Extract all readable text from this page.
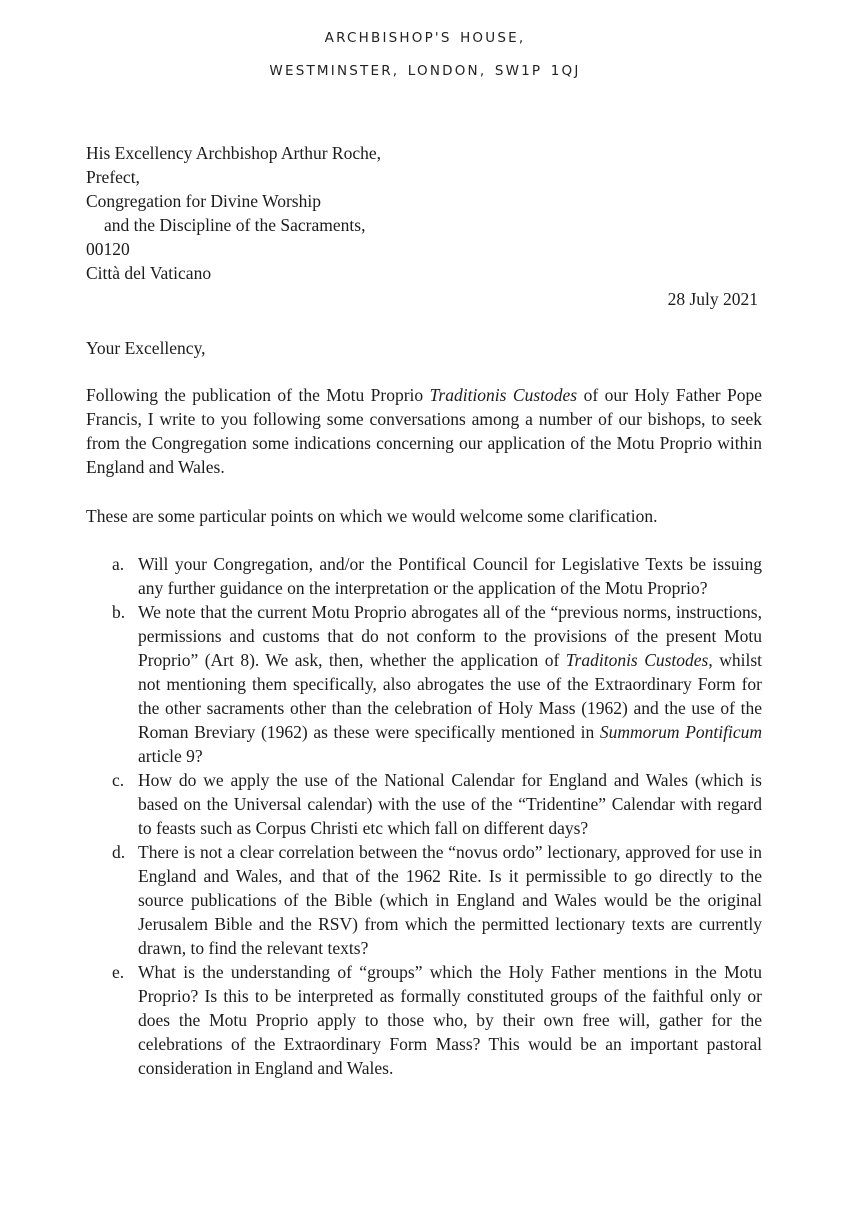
ARCHBISHOP'S HOUSE,
WESTMINSTER, LONDON, SW1P 1QJ
His Excellency Archbishop Arthur Roche,
Prefect,
Congregation for Divine Worship
and the Discipline of the Sacraments,
00120
Città del Vaticano
28 July 2021
Your Excellency,

Following the publication of the Motu Proprio Traditionis Custodes of our Holy Father Pope Francis, I write to you following some conversations among a number of our bishops, to seek from the Congregation some indications concerning our application of the Motu Proprio within England and Wales.

These are some particular points on which we would welcome some clarification.

a. Will your Congregation, and/or the Pontifical Council for Legislative Texts be issuing any further guidance on the interpretation or the application of the Motu Proprio?
b. We note that the current Motu Proprio abrogates all of the “previous norms, instructions, permissions and customs that do not conform to the provisions of the present Motu Proprio” (Art 8). We ask, then, whether the application of Traditonis Custodes, whilst not mentioning them specifically, also abrogates the use of the Extraordinary Form for the other sacraments other than the celebration of Holy Mass (1962) and the use of the Roman Breviary (1962) as these were specifically mentioned in Summorum Pontificum article 9?
c. How do we apply the use of the National Calendar for England and Wales (which is based on the Universal calendar) with the use of the “Tridentine” Calendar with regard to feasts such as Corpus Christi etc which fall on different days?
d. There is not a clear correlation between the “novus ordo” lectionary, approved for use in England and Wales, and that of the 1962 Rite. Is it permissible to go directly to the source publications of the Bible (which in England and Wales would be the original Jerusalem Bible and the RSV) from which the permitted lectionary texts are currently drawn, to find the relevant texts?
e. What is the understanding of “groups” which the Holy Father mentions in the Motu Proprio? Is this to be interpreted as formally constituted groups of the faithful only or does the Motu Proprio apply to those who, by their own free will, gather for the celebrations of the Extraordinary Form Mass? This would be an important pastoral consideration in England and Wales.
